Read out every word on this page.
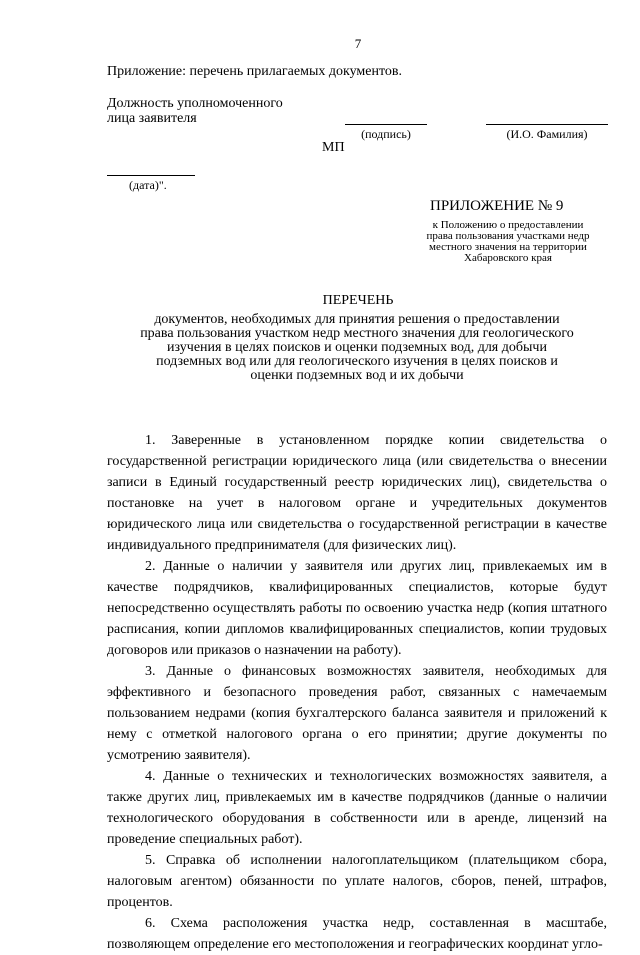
7
Приложение: перечень прилагаемых документов.
Должность уполномоченного
лица заявителя
(подпись)	(И.О. Фамилия)
МП
(дата)".
ПРИЛОЖЕНИЕ № 9
к Положению о предоставлении
права пользования участками недр
местного значения на территории
Хабаровского края
ПЕРЕЧЕНЬ
документов, необходимых для принятия решения о предоставлении
права пользования участком недр местного значения для геологического
изучения в целях поисков и оценки подземных вод, для добычи
подземных вод или для геологического изучения в целях поисков и
оценки подземных вод и их добычи

1. Заверенные в установленном порядке копии свидетельства о государственной регистрации юридического лица (или свидетельства о внесении записи в Единый государственный реестр юридических лиц), свидетельства о постановке на учет в налоговом органе и учредительных документов юридического лица или свидетельства о государственной регистрации в качестве индивидуального предпринимателя (для физических лиц).

2. Данные о наличии у заявителя или других лиц, привлекаемых им в качестве подрядчиков, квалифицированных специалистов, которые будут непосредственно осуществлять работы по освоению участка недр (копия штатного расписания, копии дипломов квалифицированных специалистов, копии трудовых договоров или приказов о назначении на работу).

3. Данные о финансовых возможностях заявителя, необходимых для эффективного и безопасного проведения работ, связанных с намечаемым пользованием недрами (копия бухгалтерского баланса заявителя и приложений к нему с отметкой налогового органа о его принятии; другие документы по усмотрению заявителя).

4. Данные о технических и технологических возможностях заявителя, а также других лиц, привлекаемых им в качестве подрядчиков (данные о наличии технологического оборудования в собственности или в аренде, лицензий на проведение специальных работ).

5. Справка об исполнении налогоплательщиком (плательщиком сбора, налоговым агентом) обязанности по уплате налогов, сборов, пеней, штрафов, процентов.

6. Схема расположения участка недр, составленная в масштабе, позволяющем определение его местоположения и географических координат угло-
